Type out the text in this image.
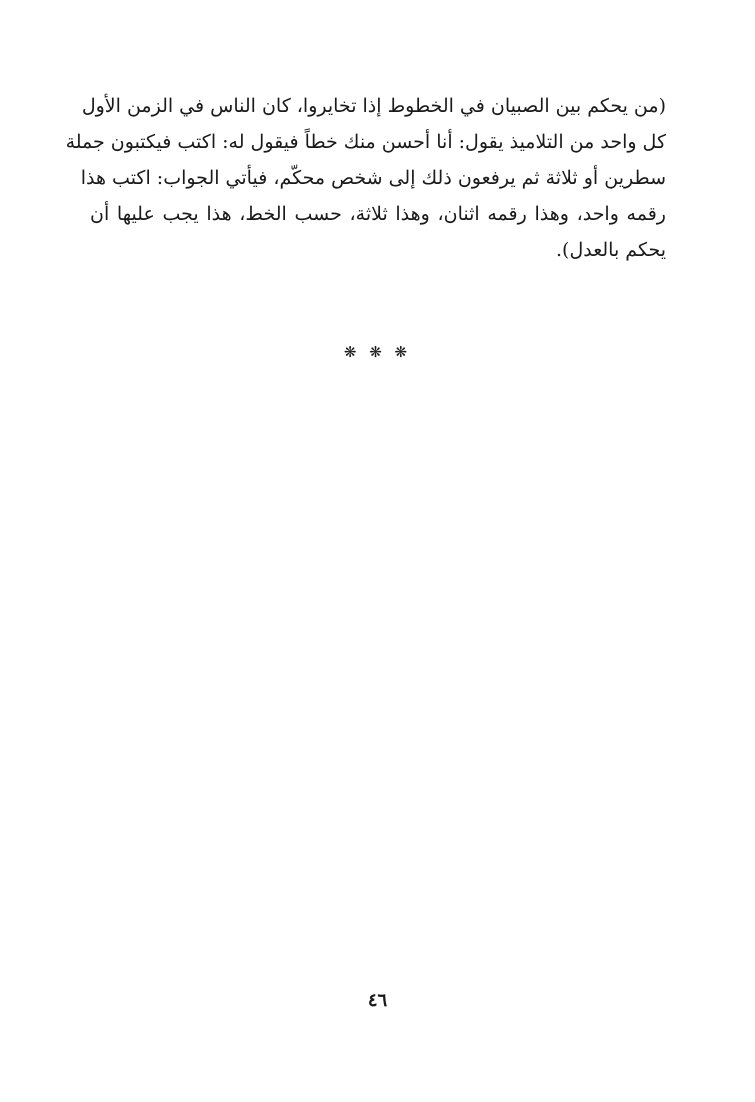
(من يحكم بين الصبيان في الخطوط إذا تخايروا، كان الناس في الزمن الأول
كل واحد من التلاميذ يقول: أنا أحسن منك خطاً فيقول له: اكتب فيكتبون جملة
سطرين أو ثلاثة ثم يرفعون ذلك إلى شخص محكّم، فيأتي الجواب: اكتب هذا
رقمه واحد، وهذا رقمه اثنان، وهذا ثلاثة، حسب الخط، هذا يجب عليها أن
يحكم بالعدل).
❋ ❋ ❋
٤٦
